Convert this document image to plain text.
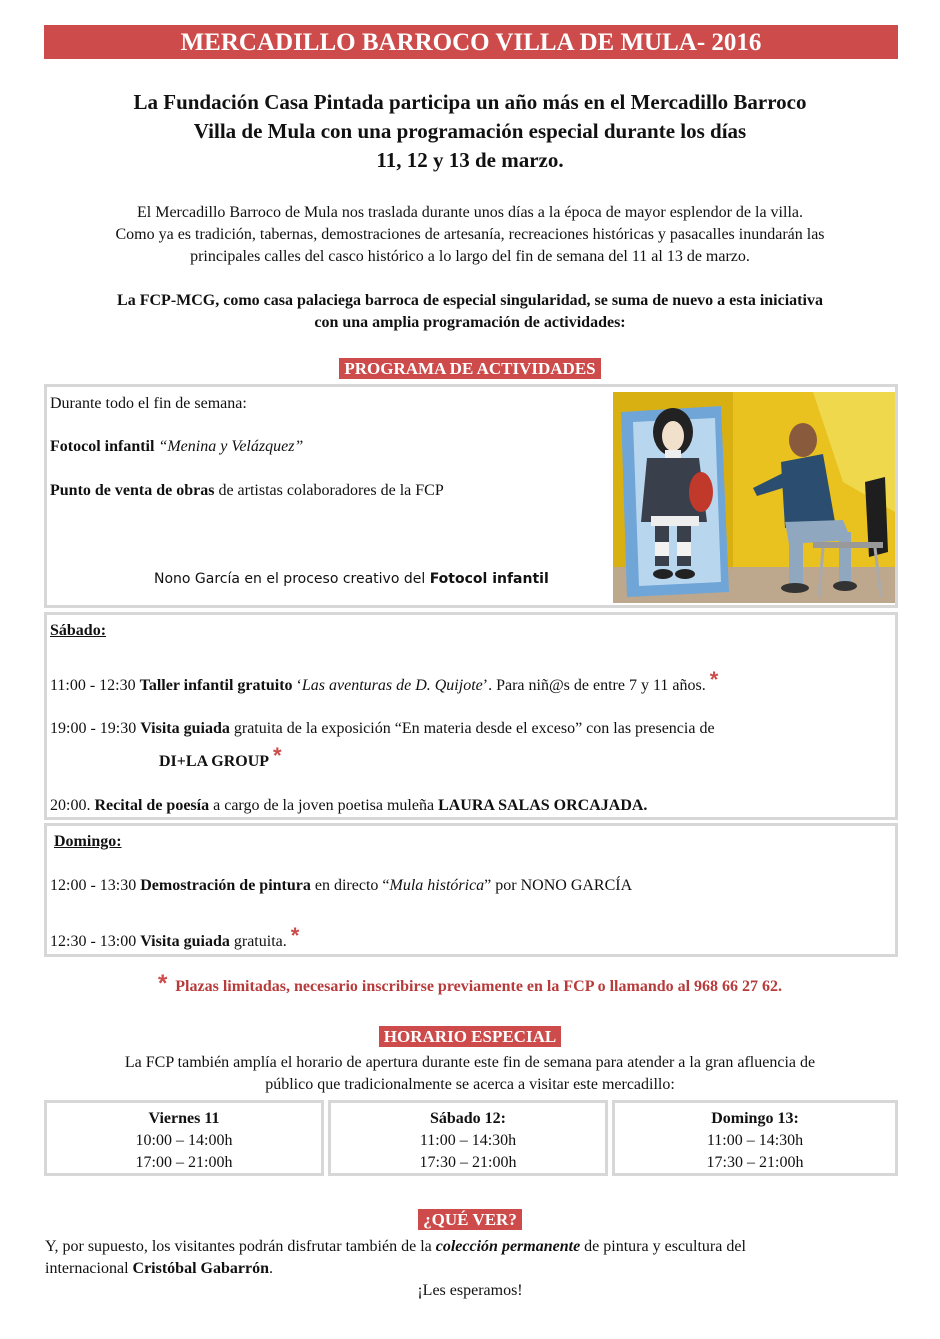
MERCADILLO BARROCO VILLA DE MULA- 2016
La Fundación Casa Pintada participa un año más en el Mercadillo Barroco
Villa de Mula con una programación especial durante los días
11, 12 y 13 de marzo.
El Mercadillo Barroco de Mula nos traslada durante unos días a la época de mayor esplendor de la villa.
Como ya es tradición, tabernas, demostraciones de artesanía, recreaciones históricas y pasacalles inundarán las
principales calles del casco histórico a lo largo del fin de semana del 11 al 13 de marzo.
La FCP-MCG, como casa palaciega barroca de especial singularidad, se suma de nuevo a esta iniciativa
con una amplia programación de actividades:
PROGRAMA DE ACTIVIDADES
Durante todo el fin de semana:
Fotocol infantil “Menina y Velázquez”
Punto de venta de obras de artistas colaboradores de la FCP
Nono García en el proceso creativo del Fotocol infantil
Sábado:
11:00 - 12:30 Taller infantil gratuito ‘Las aventuras de D. Quijote’. Para niñ@s de entre 7 y 11 años. *
19:00 - 19:30 Visita guiada gratuita de la exposición “En materia desde el exceso” con las presencia de
DI+LA GROUP *
20:00. Recital de poesía a cargo de la joven poetisa muleña LAURA SALAS ORCAJADA.
Domingo:
12:00 - 13:30 Demostración de pintura en directo “Mula histórica” por NONO GARCÍA
12:30 - 13:00 Visita guiada gratuita. *
* Plazas limitadas, necesario inscribirse previamente en la FCP o llamando al 968 66 27 62.
HORARIO ESPECIAL
La FCP también amplía el horario de apertura durante este fin de semana para atender a la gran afluencia de
público que tradicionalmente se acerca a visitar este mercadillo:
Viernes 11
10:00 – 14:00h
17:00 – 21:00h
Sábado 12:
11:00 – 14:30h
17:30 – 21:00h
Domingo 13:
11:00 – 14:30h
17:30 – 21:00h
¿QUÉ VER?
Y, por supuesto, los visitantes podrán disfrutar también de la colección permanente de pintura y escultura del
internacional Cristóbal Gabarrón.
¡Les esperamos!
